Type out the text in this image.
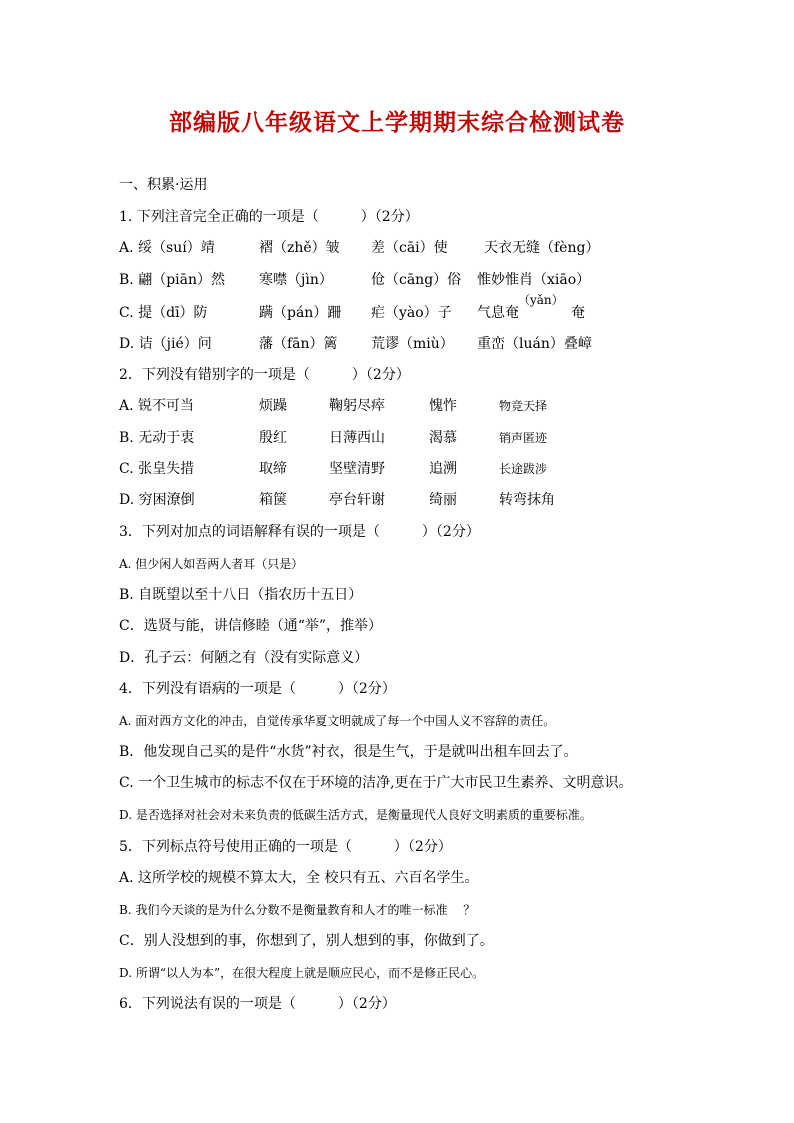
部编版八年级语文上学期期末综合检测试卷
一、积累·运用
1. 下列注音完全正确的一项是（　　　）（2分）
A. 绥（suí）靖	褶（zhě）皱 差（cāi）使	天衣无缝（fèng）
B. 翩（piān）然 寒噤（jìn）	伧（cāng）俗 惟妙惟肖（xiāo）
（yǎn）
C. 提（dī）防	蹒（pán）跚 疟（yào）子 气息奄	奄
D. 诘（jié）问	藩（fān）篱 荒谬（miù） 重峦（luán）叠嶂
2．下列没有错别字的一项是（　　　）（2分）
A. 锐不可当	烦躁	鞠躬尽瘁	愧怍	物竞天择
B. 无动于衷	殷红	日薄西山	渴慕	销声匿迹
C. 张皇失措	取缔	坚壁清野	追溯	长途跋涉
D. 穷困潦倒	箱箧	亭台轩谢	绮丽	转弯抹角
3．下列对加点的词语解释有误的一项是（　　　）（2分）
A. 但少闲人如吾两人者耳（只是）
B. 自既望以至十八日（指农历十五日）
C．选贤与能，讲信修睦（通“举”，推举）
D．孔子云：何陋之有（没有实际意义）
4．下列没有语病的一项是（　　　）（2分）
A. 面对西方文化的冲击，自觉传承华夏文明就成了每一个中国人义不容辞的责任。
B．他发现自己买的是件“水货”衬衣，很是生气，于是就叫出租车回去了。
C. 一个卫生城市的标志不仅在于环境的洁净,更在于广大市民卫生素养、文明意识。
D. 是否选择对社会对未来负责的低碳生活方式，是衡量现代人良好文明素质的重要标准。
5．下列标点符号使用正确的一项是（　　　）（2分）
A. 这所学校的规模不算太大，全 校只有五、六百名学生。
B. 我们今天谈的是为什么分数不是衡量教育和人才的唯一标准　 ？
C．别人没想到的事，你想到了，别人想到的事，你做到了。
D. 所谓“以人为本”，在很大程度上就是顺应民心，而不是修正民心。
6．下列说法有误的一项是（　　　）（2分）
